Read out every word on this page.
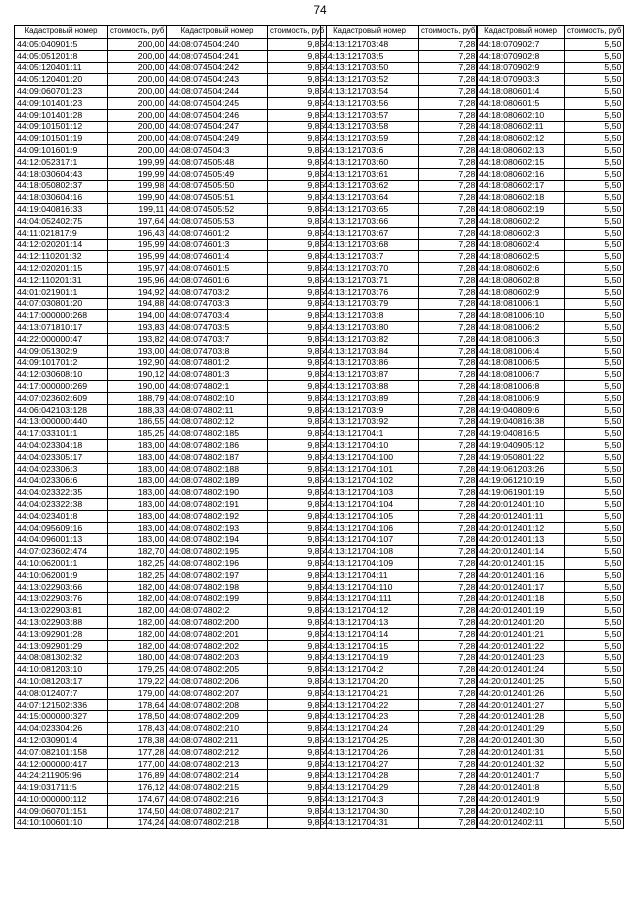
74
Кадастровый номер	стоимость, руб
44:05:040901:5	200,00
44:05:051201:8	200,00
44:05:120401:11	200,00
44:05:120401:20	200,00
44:09:060701:23	200,00
44:09:101401:23	200,00
44:09:101401:28	200,00
44:09:101501:12	200,00
44:09:101501:19	200,00
44:09:101601:9	200,00
44:12:052317:1	199,99
44:18:030604:43	199,99
44:18:050802:37	199,98
44:18:030604:16	199,90
44:19:040816:33	199,11
44:04:052402:75	197,64
44:11:021817:9	196,43
44:12:020201:14	195,99
44:12:110201:32	195,99
44:12:020201:15	195,97
44:12:110201:31	195,96
44:01:021901:1	194,92
44:07:030801:20	194,88
44:17:000000:268	194,00
44:13:071810:17	193,83
44:22:000000:47	193,82
44:09:051302:9	193,00
44:09:101701:2	192,90
44:12:030608:10	190,12
44:17:000000:269	190,00
44:07:023602:609	188,79
44:06:042103:128	188,33
44:13:000000:440	186,55
44:17:033101:1	185,25
44:04:023304:18	183,00
44:04:023305:17	183,00
44:04:023306:3	183,00
44:04:023306:6	183,00
44:04:023322:35	183,00
44:04:023322:38	183,00
44:04:023401:8	183,00
44:04:095609:16	183,00
44:04:096001:13	183,00
44:07:023602:474	182,70
44:10:062001:1	182,25
44:10:062001:9	182,25
44:13:022903:66	182,00
44:13:022903:76	182,00
44:13:022903:81	182,00
44:13:022903:88	182,00
44:13:092901:28	182,00
44:13:092901:29	182,00
44:08:081302:32	180,00
44:10:081203:10	179,25
44:10:081203:17	179,22
44:08:012407:7	179,00
44:07:121502:336	178,64
44:15:000000:327	178,50
44:04:023304:26	178,43
44:12:030901:4	178,38
44:07:082101:158	177,28
44:12:000000:417	177,00
44:24:211905:96	176,89
44:19:031711:5	176,12
44:10:000000:112	174,67
44:09:060701:151	174,50
44:10:100601:10	174,24
Кадастровый номер	стоимость, руб
44:08:074504:240	9,85
44:08:074504:241	9,85
44:08:074504:242	9,85
44:08:074504:243	9,85
44:08:074504:244	9,85
44:08:074504:245	9,85
44:08:074504:246	9,85
44:08:074504:247	9,85
44:08:074504:249	9,85
44:08:074504:3	9,85
44:08:074505:48	9,85
44:08:074505:49	9,85
44:08:074505:50	9,85
44:08:074505:51	9,85
44:08:074505:52	9,85
44:08:074505:53	9,85
44:08:074601:2	9,85
44:08:074601:3	9,85
44:08:074601:4	9,85
44:08:074601:5	9,85
44:08:074601:6	9,85
44:08:074703:2	9,85
44:08:074703:3	9,85
44:08:074703:4	9,85
44:08:074703:5	9,85
44:08:074703:7	9,85
44:08:074703:8	9,85
44:08:074801:2	9,85
44:08:074801:3	9,85
44:08:074802:1	9,85
44:08:074802:10	9,85
44:08:074802:11	9,85
44:08:074802:12	9,85
44:08:074802:185	9,85
44:08:074802:186	9,85
44:08:074802:187	9,85
44:08:074802:188	9,85
44:08:074802:189	9,85
44:08:074802:190	9,85
44:08:074802:191	9,85
44:08:074802:192	9,85
44:08:074802:193	9,85
44:08:074802:194	9,85
44:08:074802:195	9,85
44:08:074802:196	9,85
44:08:074802:197	9,85
44:08:074802:198	9,85
44:08:074802:199	9,85
44:08:074802:2	9,85
44:08:074802:200	9,85
44:08:074802:201	9,85
44:08:074802:202	9,85
44:08:074802:203	9,85
44:08:074802:205	9,85
44:08:074802:206	9,85
44:08:074802:207	9,85
44:08:074802:208	9,85
44:08:074802:209	9,85
44:08:074802:210	9,85
44:08:074802:211	9,85
44:08:074802:212	9,85
44:08:074802:213	9,85
44:08:074802:214	9,85
44:08:074802:215	9,85
44:08:074802:216	9,85
44:08:074802:217	9,85
44:08:074802:218	9,85
Кадастровый номер	стоимость, руб
44:13:121703:48	7,28
44:13:121703:5	7,28
44:13:121703:50	7,28
44:13:121703:52	7,28
44:13:121703:54	7,28
44:13:121703:56	7,28
44:13:121703:57	7,28
44:13:121703:58	7,28
44:13:121703:59	7,28
44:13:121703:6	7,28
44:13:121703:60	7,28
44:13:121703:61	7,28
44:13:121703:62	7,28
44:13:121703:64	7,28
44:13:121703:65	7,28
44:13:121703:66	7,28
44:13:121703:67	7,28
44:13:121703:68	7,28
44:13:121703:7	7,28
44:13:121703:70	7,28
44:13:121703:71	7,28
44:13:121703:76	7,28
44:13:121703:79	7,28
44:13:121703:8	7,28
44:13:121703:80	7,28
44:13:121703:82	7,28
44:13:121703:84	7,28
44:13:121703:86	7,28
44:13:121703:87	7,28
44:13:121703:88	7,28
44:13:121703:89	7,28
44:13:121703:9	7,28
44:13:121703:92	7,28
44:13:121704:1	7,28
44:13:121704:10	7,28
44:13:121704:100	7,28
44:13:121704:101	7,28
44:13:121704:102	7,28
44:13:121704:103	7,28
44:13:121704:104	7,28
44:13:121704:105	7,28
44:13:121704:106	7,28
44:13:121704:107	7,28
44:13:121704:108	7,28
44:13:121704:109	7,28
44:13:121704:11	7,28
44:13:121704:110	7,28
44:13:121704:111	7,28
44:13:121704:12	7,28
44:13:121704:13	7,28
44:13:121704:14	7,28
44:13:121704:15	7,28
44:13:121704:19	7,28
44:13:121704:2	7,28
44:13:121704:20	7,28
44:13:121704:21	7,28
44:13:121704:22	7,28
44:13:121704:23	7,28
44:13:121704:24	7,28
44:13:121704:25	7,28
44:13:121704:26	7,28
44:13:121704:27	7,28
44:13:121704:28	7,28
44:13:121704:29	7,28
44:13:121704:3	7,28
44:13:121704:30	7,28
44:13:121704:31	7,28
Кадастровый номер	стоимость, руб
44:18:070902:7	5,50
44:18:070902:8	5,50
44:18:070902:9	5,50
44:18:070903:3	5,50
44:18:080601:4	5,50
44:18:080601:5	5,50
44:18:080602:10	5,50
44:18:080602:11	5,50
44:18:080602:12	5,50
44:18:080602:13	5,50
44:18:080602:15	5,50
44:18:080602:16	5,50
44:18:080602:17	5,50
44:18:080602:18	5,50
44:18:080602:19	5,50
44:18:080602:2	5,50
44:18:080602:3	5,50
44:18:080602:4	5,50
44:18:080602:5	5,50
44:18:080602:6	5,50
44:18:080602:8	5,50
44:18:080602:9	5,50
44:18:081006:1	5,50
44:18:081006:10	5,50
44:18:081006:2	5,50
44:18:081006:3	5,50
44:18:081006:4	5,50
44:18:081006:5	5,50
44:18:081006:7	5,50
44:18:081006:8	5,50
44:18:081006:9	5,50
44:19:040809:6	5,50
44:19:040816:38	5,50
44:19:040816:5	5,50
44:19:040905:12	5,50
44:19:050801:22	5,50
44:19:061203:26	5,50
44:19:061210:19	5,50
44:19:061901:19	5,50
44:20:012401:10	5,50
44:20:012401:11	5,50
44:20:012401:12	5,50
44:20:012401:13	5,50
44:20:012401:14	5,50
44:20:012401:15	5,50
44:20:012401:16	5,50
44:20:012401:17	5,50
44:20:012401:18	5,50
44:20:012401:19	5,50
44:20:012401:20	5,50
44:20:012401:21	5,50
44:20:012401:22	5,50
44:20:012401:23	5,50
44:20:012401:24	5,50
44:20:012401:25	5,50
44:20:012401:26	5,50
44:20:012401:27	5,50
44:20:012401:28	5,50
44:20:012401:29	5,50
44:20:012401:30	5,50
44:20:012401:31	5,50
44:20:012401:32	5,50
44:20:012401:7	5,50
44:20:012401:8	5,50
44:20:012401:9	5,50
44:20:012402:10	5,50
44:20:012402:11	5,50
